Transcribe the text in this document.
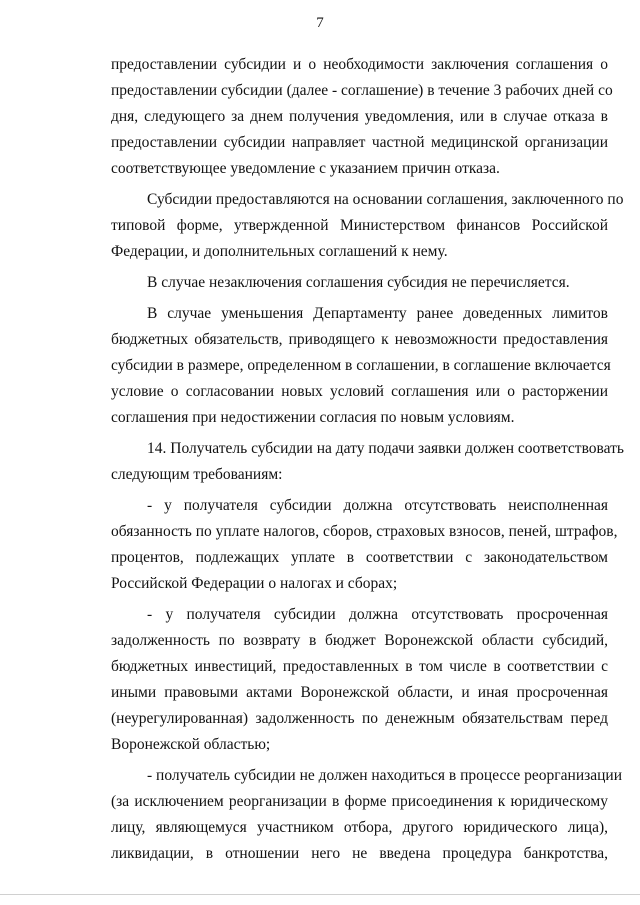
7
предоставлении субсидии и о необходимости заключения соглашения о
предоставлении субсидии (далее - соглашение) в течение 3 рабочих дней со
дня, следующего за днем получения уведомления, или в случае отказа в
предоставлении субсидии направляет частной медицинской организации
соответствующее уведомление с указанием причин отказа.
Субсидии предоставляются на основании соглашения, заключенного по
типовой форме, утвержденной Министерством финансов Российской
Федерации, и дополнительных соглашений к нему.
В случае незаключения соглашения субсидия не перечисляется.
В случае уменьшения Департаменту ранее доведенных лимитов
бюджетных обязательств, приводящего к невозможности предоставления
субсидии в размере, определенном в соглашении, в соглашение включается
условие о согласовании новых условий соглашения или о расторжении
соглашения при недостижении согласия по новым условиям.
14. Получатель субсидии на дату подачи заявки должен соответствовать
следующим требованиям:
- у получателя субсидии должна отсутствовать неисполненная
обязанность по уплате налогов, сборов, страховых взносов, пеней, штрафов,
процентов, подлежащих уплате в соответствии с законодательством
Российской Федерации о налогах и сборах;
- у получателя субсидии должна отсутствовать просроченная
задолженность по возврату в бюджет Воронежской области субсидий,
бюджетных инвестиций, предоставленных в том числе в соответствии с
иными правовыми актами Воронежской области, и иная просроченная
(неурегулированная) задолженность по денежным обязательствам перед
Воронежской областью;
- получатель субсидии не должен находиться в процессе реорганизации
(за исключением реорганизации в форме присоединения к юридическому
лицу, являющемуся участником отбора, другого юридического лица),
ликвидации, в отношении него не введена процедура банкротства,
